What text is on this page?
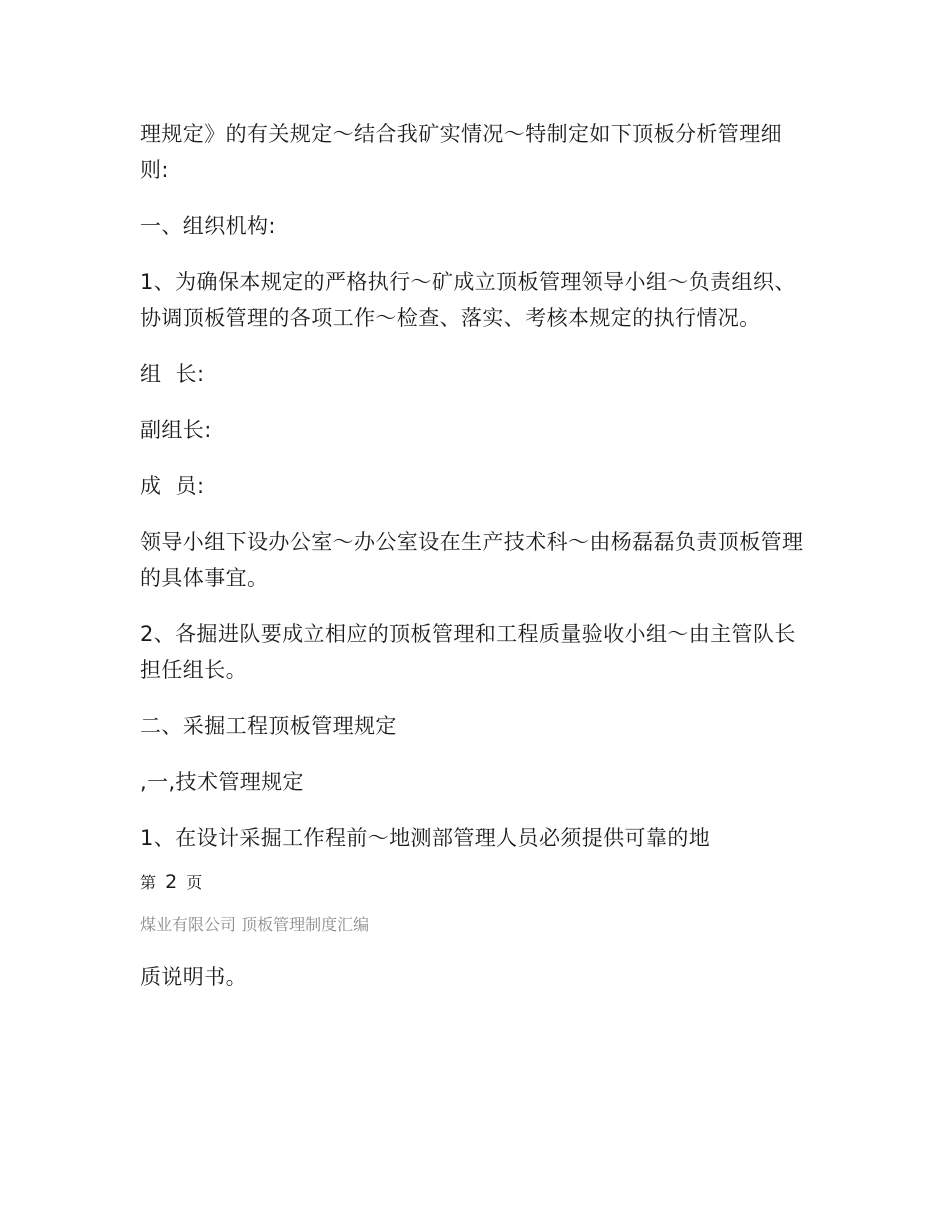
理规定》的有关规定～结合我矿实情况～特制定如下顶板分析管理细则:

一、组织机构:

1、为确保本规定的严格执行～矿成立顶板管理领导小组～负责组织、协调顶板管理的各项工作～检查、落实、考核本规定的执行情况。

组  长:

副组长:

成  员:

领导小组下设办公室～办公室设在生产技术科～由杨磊磊负责顶板管理的具体事宜。

2、各掘进队要成立相应的顶板管理和工程质量验收小组～由主管队长担任组长。

二、采掘工程顶板管理规定

,一,技术管理规定

1、在设计采掘工作程前～地测部管理人员必须提供可靠的地

第 2 页

煤业有限公司 顶板管理制度汇编

质说明书。
